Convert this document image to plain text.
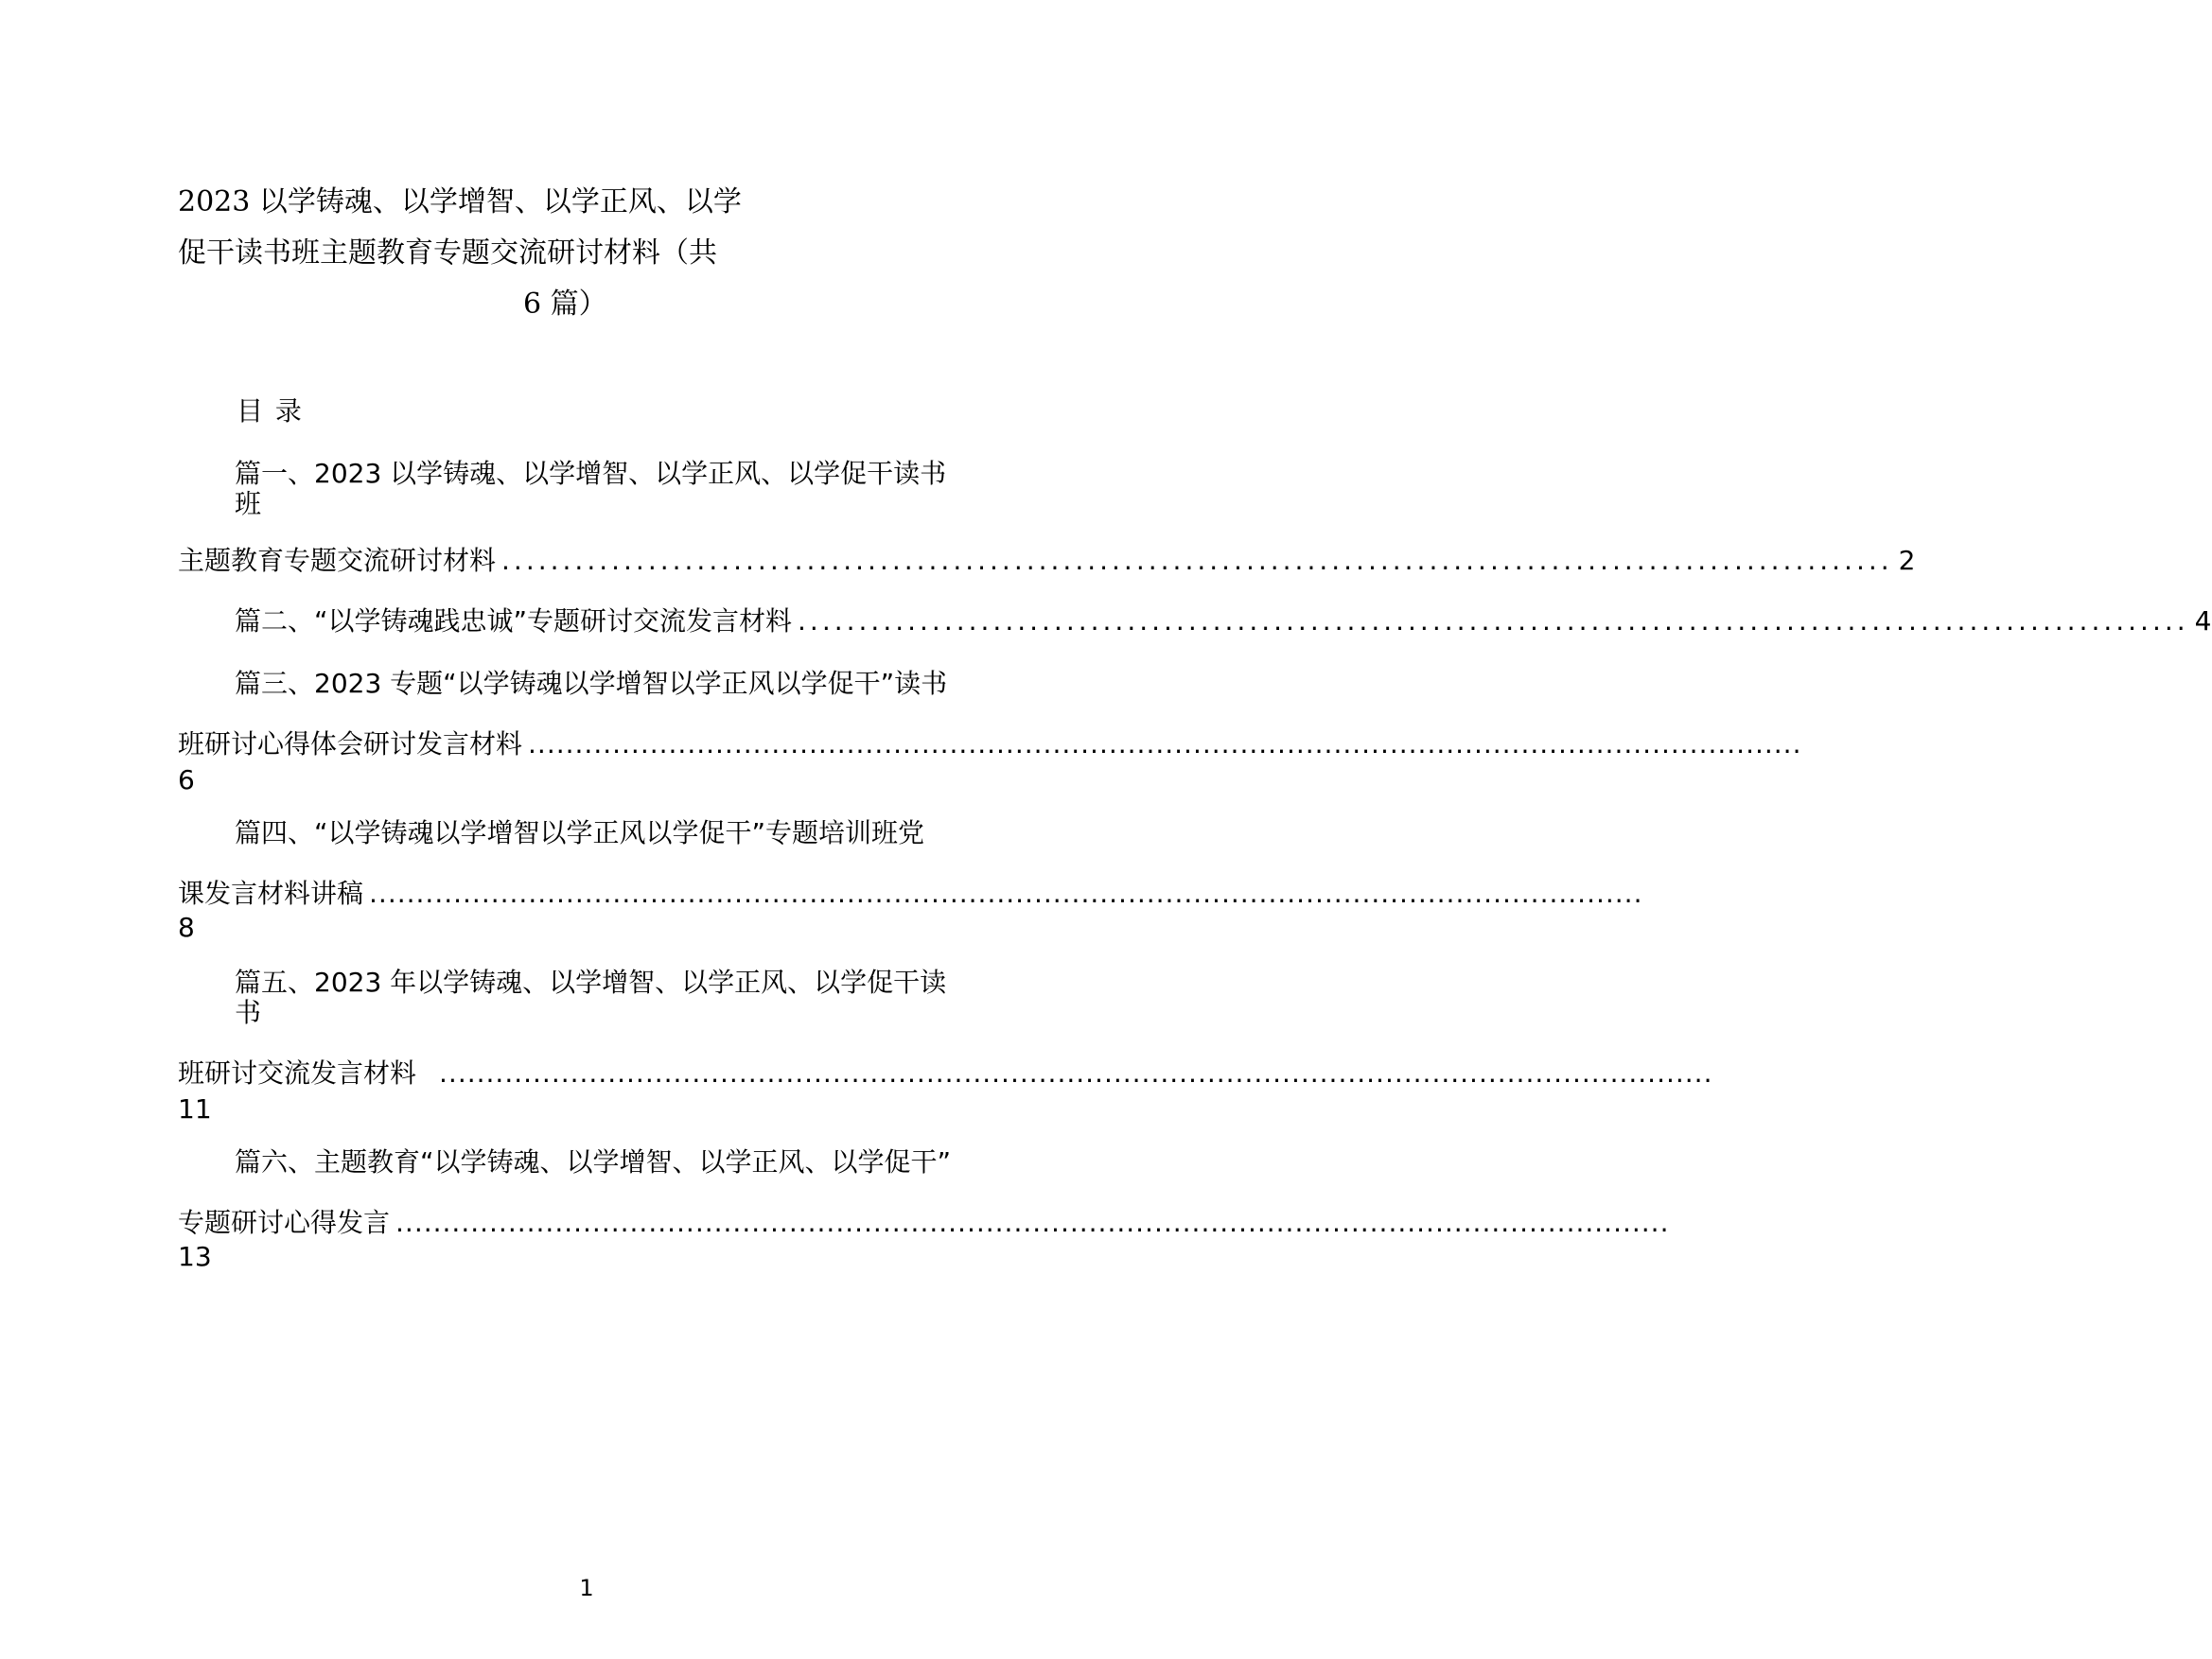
2023 以学铸魂、以学增智、以学正风、以学
促干读书班主题教育专题交流研讨材料（共
6 篇）
目 录
篇一、2023 以学铸魂、以学增智、以学正风、以学促干读书
班
主题教育专题交流研讨材料 .................................................................................................................. 2
篇二、“以学铸魂践忠诚”专题研讨交流发言材料 .................................................................................................................. 4
篇三、2023 专题“以学铸魂以学增智以学正风以学促干”读书
班研讨心得体会研讨发言材料 ........................................................................................................................................
6
篇四、“以学铸魂以学增智以学正风以学促干”专题培训班党
课发言材料讲稿 ........................................................................................................................................
8
篇五、2023 年以学铸魂、以学增智、以学正风、以学促干读
书
班研讨交流发言材料 ........................................................................................................................................
11
篇六、主题教育“以学铸魂、以学增智、以学正风、以学促干”
专题研讨心得发言 ........................................................................................................................................
13
1
